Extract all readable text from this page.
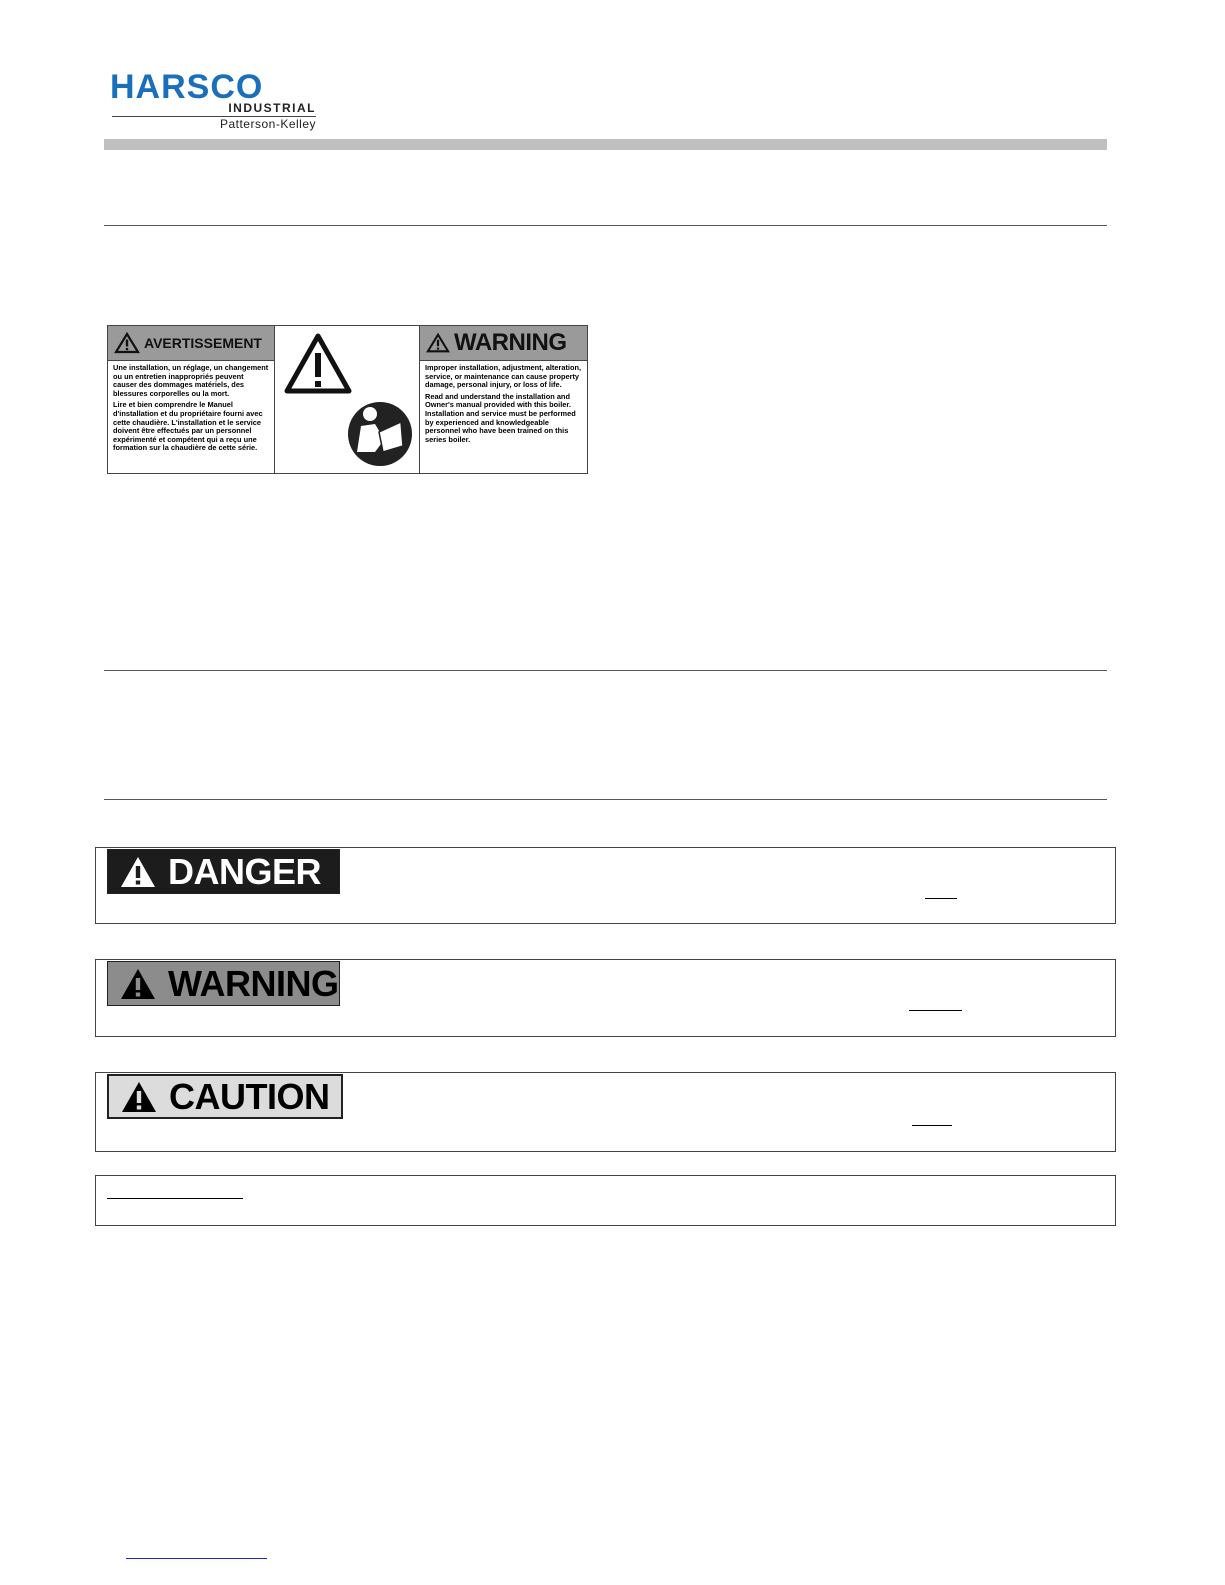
HARSCO
INDUSTRIAL
Patterson-Kelley
AVERTISSEMENT

Une installation, un réglage, un changement ou un entretien inappropriés peuvent causer des dommages matériels, des blessures corporelles ou la mort.

Lire et bien comprendre le Manuel d'installation et du propriétaire fourni avec cette chaudière. L'installation et le service doivent être effectués par un personnel expérimenté et compétent qui a reçu une formation sur la chaudière de cette série.

WARNING

Improper installation, adjustment, alteration, service, or maintenance can cause property damage, personal injury, or loss of life.

Read and understand the installation and Owner's manual provided with this boiler. Installation and service must be performed by experienced and knowledgeable personnel who have been trained on this series boiler.

DANGER
WARNING
CAUTION
